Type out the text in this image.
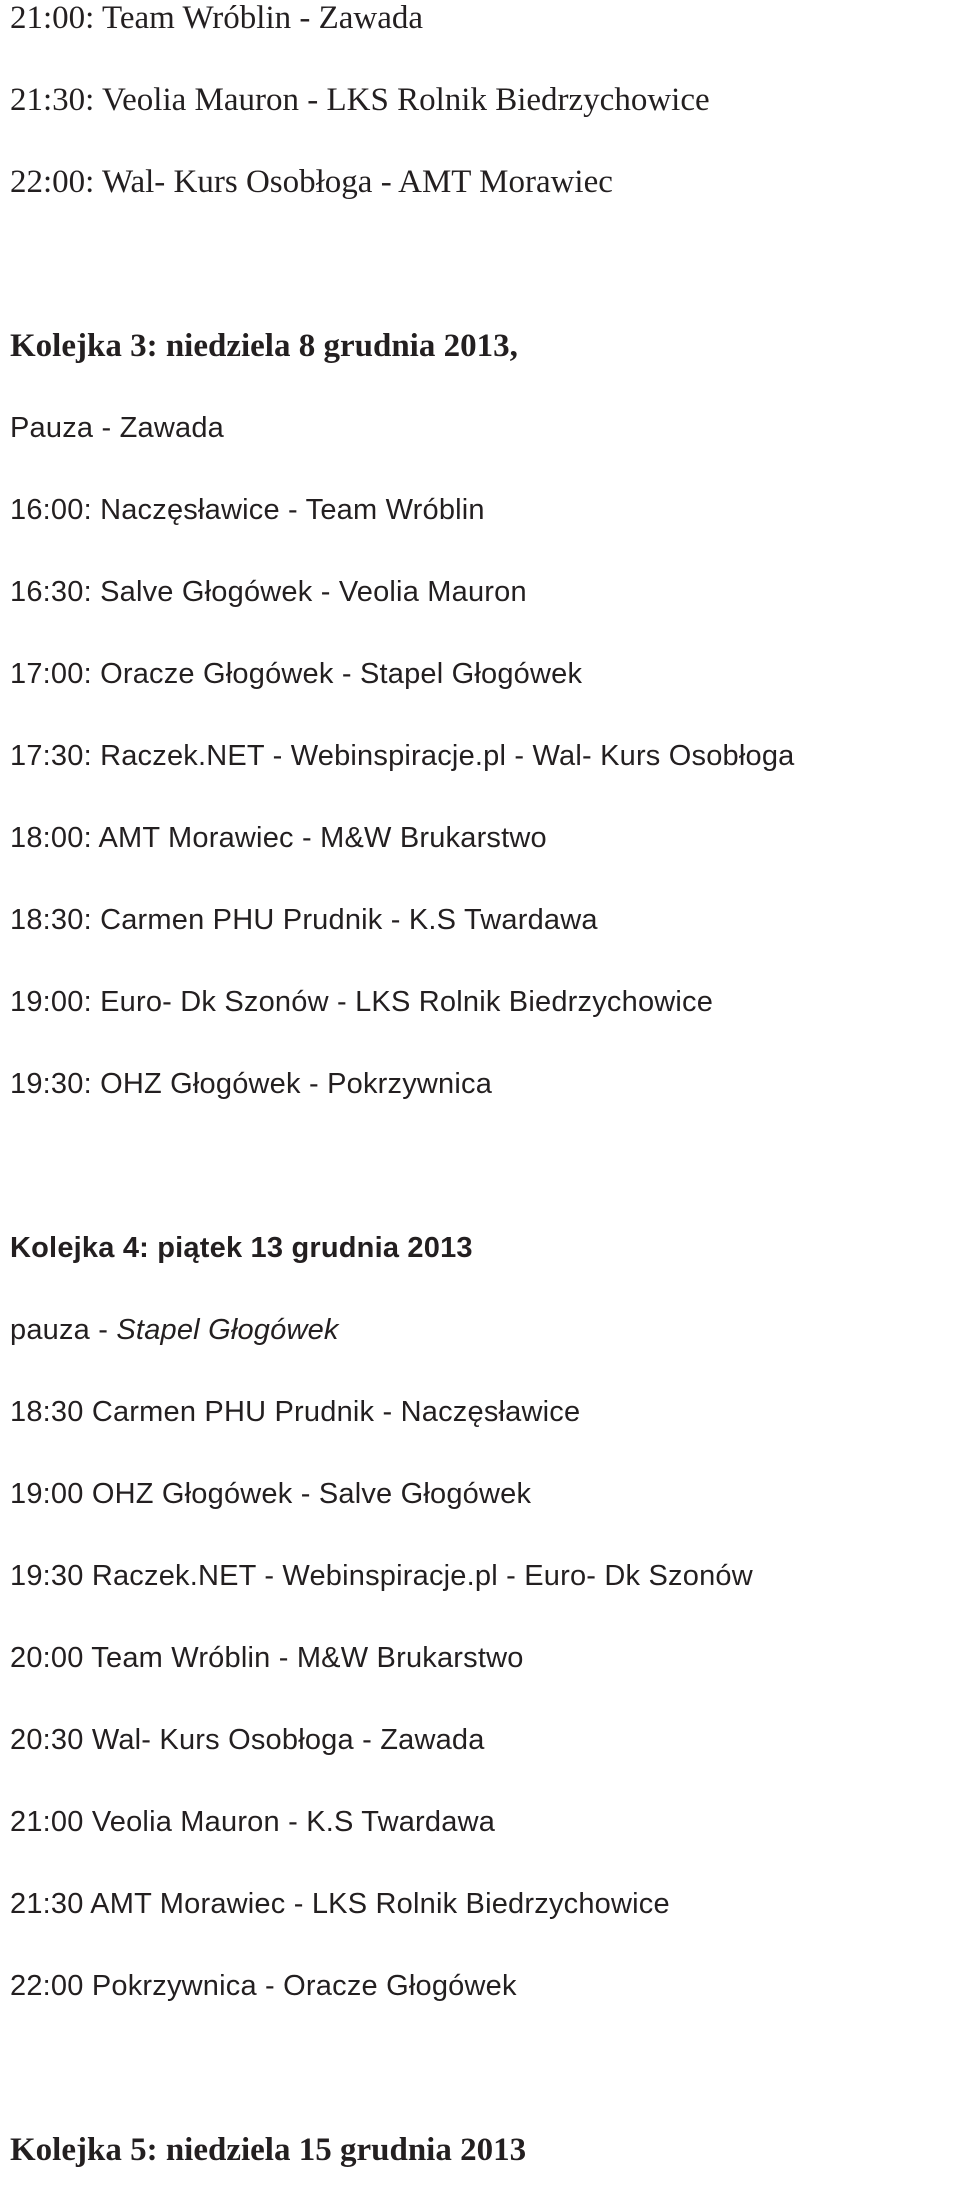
21:00: Team Wróblin - Zawada
21:30: Veolia Mauron - LKS Rolnik Biedrzychowice
22:00: Wal- Kurs Osobłoga - AMT Morawiec
Kolejka 3: niedziela 8 grudnia 2013,
Pauza - Zawada
16:00: Naczęsławice - Team Wróblin
16:30: Salve Głogówek - Veolia Mauron
17:00: Oracze Głogówek - Stapel Głogówek
17:30: Raczek.NET - Webinspiracje.pl - Wal- Kurs Osobłoga
18:00: AMT Morawiec - M&W Brukarstwo
18:30: Carmen PHU Prudnik - K.S Twardawa
19:00: Euro- Dk Szonów - LKS Rolnik Biedrzychowice
19:30: OHZ Głogówek - Pokrzywnica
Kolejka 4: piątek 13 grudnia 2013
pauza - Stapel Głogówek
18:30 Carmen PHU Prudnik - Naczęsławice
19:00 OHZ Głogówek - Salve Głogówek
19:30 Raczek.NET - Webinspiracje.pl - Euro- Dk Szonów
20:00 Team Wróblin - M&W Brukarstwo
20:30 Wal- Kurs Osobłoga - Zawada
21:00 Veolia Mauron - K.S Twardawa
21:30 AMT Morawiec - LKS Rolnik Biedrzychowice
22:00 Pokrzywnica - Oracze Głogówek
Kolejka 5: niedziela 15 grudnia 2013
